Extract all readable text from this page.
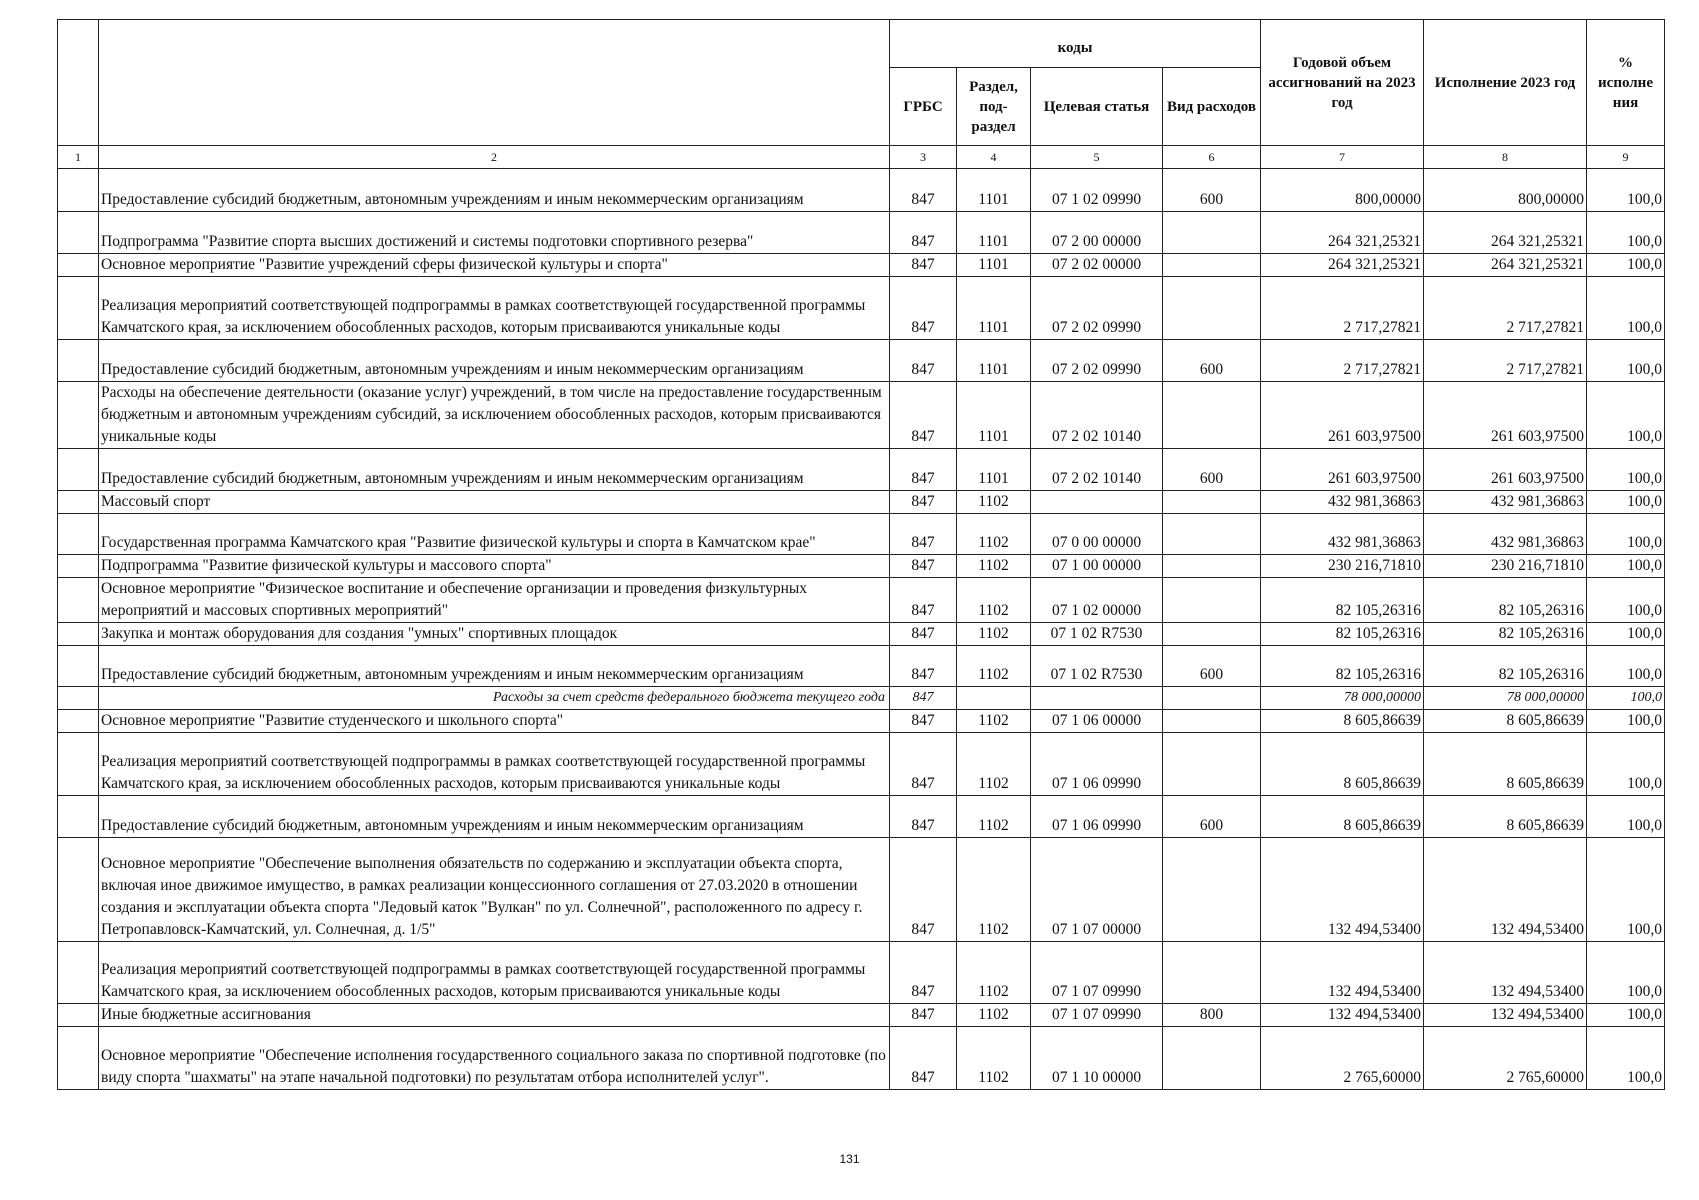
		коды				Годовой объем ассигнований на 2023 год	Исполнение 2023 год	% исполне ния
		ГРБС	Раздел, под-раздел	Целевая статья	Вид расходов			
1	2	3	4	5	6	7	8	9
	Предоставление субсидий бюджетным, автономным учреждениям и иным некоммерческим организациям	847	1101	07 1 02 09990	600	800,00000	800,00000	100,0
	Подпрограмма "Развитие спорта высших достижений и системы подготовки спортивного резерва"	847	1101	07 2 00 00000		264 321,25321	264 321,25321	100,0
	Основное мероприятие "Развитие учреждений сферы физической культуры и спорта"	847	1101	07 2 02 00000		264 321,25321	264 321,25321	100,0
	Реализация мероприятий соответствующей подпрограммы в рамках соответствующей государственной программы Камчатского края, за исключением обособленных расходов, которым присваиваются уникальные коды	847	1101	07 2 02 09990		2 717,27821	2 717,27821	100,0
	Предоставление субсидий бюджетным, автономным учреждениям и иным некоммерческим организациям	847	1101	07 2 02 09990	600	2 717,27821	2 717,27821	100,0
	Расходы на обеспечение деятельности (оказание услуг) учреждений, в том числе на предоставление государственным бюджетным и автономным учреждениям субсидий, за исключением обособленных расходов, которым присваиваются уникальные коды	847	1101	07 2 02 10140		261 603,97500	261 603,97500	100,0
	Предоставление субсидий бюджетным, автономным учреждениям и иным некоммерческим организациям	847	1101	07 2 02 10140	600	261 603,97500	261 603,97500	100,0
	Массовый спорт	847	1102			432 981,36863	432 981,36863	100,0
	Государственная программа Камчатского края "Развитие физической культуры и спорта в Камчатском крае"	847	1102	07 0 00 00000		432 981,36863	432 981,36863	100,0
	Подпрограмма "Развитие физической культуры и массового спорта"	847	1102	07 1 00 00000		230 216,71810	230 216,71810	100,0
	Основное мероприятие "Физическое воспитание и обеспечение организации и проведения физкультурных мероприятий и массовых спортивных мероприятий"	847	1102	07 1 02 00000		82 105,26316	82 105,26316	100,0
	Закупка и монтаж оборудования для создания "умных" спортивных площадок	847	1102	07 1 02 R7530		82 105,26316	82 105,26316	100,0
	Предоставление субсидий бюджетным, автономным учреждениям и иным некоммерческим организациям	847	1102	07 1 02 R7530	600	82 105,26316	82 105,26316	100,0
	Расходы за счет средств федерального бюджета текущего года	847				78 000,00000	78 000,00000	100,0
	Основное мероприятие "Развитие студенческого и школьного спорта"	847	1102	07 1 06 00000		8 605,86639	8 605,86639	100,0
	Реализация мероприятий соответствующей подпрограммы в рамках соответствующей государственной программы Камчатского края, за исключением обособленных расходов, которым присваиваются уникальные коды	847	1102	07 1 06 09990		8 605,86639	8 605,86639	100,0
	Предоставление субсидий бюджетным, автономным учреждениям и иным некоммерческим организациям	847	1102	07 1 06 09990	600	8 605,86639	8 605,86639	100,0
	Основное мероприятие "Обеспечение выполнения обязательств по содержанию и эксплуатации объекта спорта, включая иное движимое имущество, в рамках реализации концессионного соглашения от 27.03.2020 в отношении создания и эксплуатации объекта спорта "Ледовый каток "Вулкан" по ул. Солнечной", расположенного по адресу г. Петропавловск-Камчатский, ул. Солнечная, д. 1/5"	847	1102	07 1 07 00000		132 494,53400	132 494,53400	100,0
	Реализация мероприятий соответствующей подпрограммы в рамках соответствующей государственной программы Камчатского края, за исключением обособленных расходов, которым присваиваются уникальные коды	847	1102	07 1 07 09990		132 494,53400	132 494,53400	100,0
	Иные бюджетные ассигнования	847	1102	07 1 07 09990	800	132 494,53400	132 494,53400	100,0
	Основное мероприятие "Обеспечение исполнения государственного социального заказа по спортивной подготовке (по виду спорта "шахматы" на этапе начальной подготовки) по результатам отбора исполнителей услуг".	847	1102	07 1 10 00000		2 765,60000	2 765,60000	100,0
131
